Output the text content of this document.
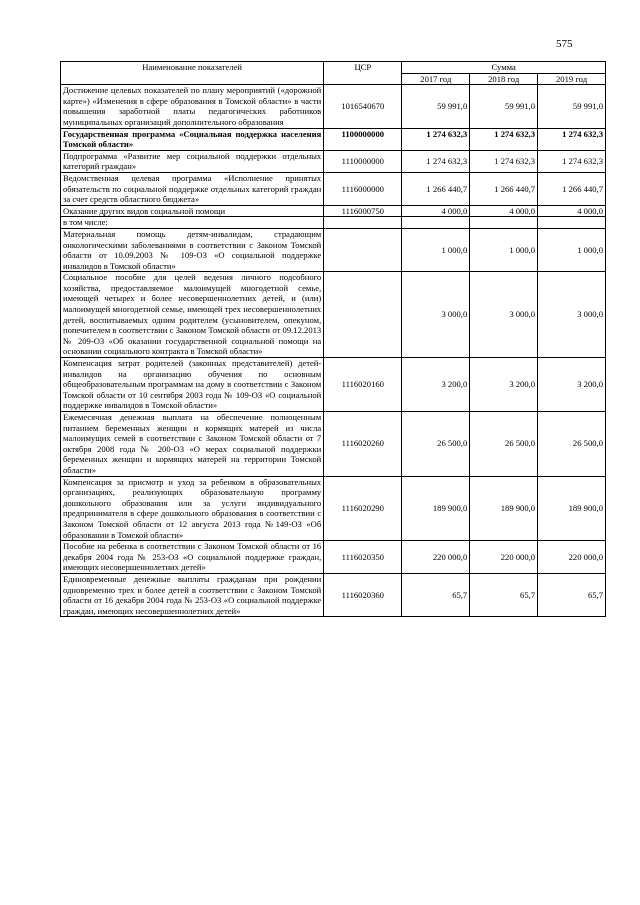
575
Наименование показателей	ЦСР	Сумма		
		2017 год	2018 год	2019 год
Достижение целевых показателей по плану мероприятий («дорожной карте») «Изменения в сфере образования в Томской области» в части повышения заработной платы педагогических работников муниципальных организаций дополнительного образования	1016540670	59 991,0	59 991,0	59 991,0
Государственная программа «Социальная поддержка населения Томской области»	1100000000	1 274 632,3	1 274 632,3	1 274 632,3
Подпрограмма «Развитие мер социальной поддержки отдельных категорий граждан»	1110000000	1 274 632,3	1 274 632,3	1 274 632,3
Ведомственная целевая программа «Исполнение принятых обязательств по социальной поддержке отдельных категорий граждан за счет средств областного бюджета»	1116000000	1 266 440,7	1 266 440,7	1 266 440,7
Оказание других видов социальной помощи	1116000750	4 000,0	4 000,0	4 000,0
в том числе:				
Материальная помощь детям-инвалидам, страдающим онкологическими заболеваниями в соответствии с Законом Томской области от 10.09.2003 № 109-ОЗ «О социальной поддержке инвалидов в Томской области»		1 000,0	1 000,0	1 000,0
Социальное пособие для целей ведения личного подсобного хозяйства, предоставляемое малоимущей многодетной семье, имеющей четырех и более несовершеннолетних детей, и (или) малоимущей многодетной семье, имеющей трех несовершеннолетних детей, воспитываемых одним родителем (усыновителем, опекуном, попечителем в соответствии с Законом Томской области от 09.12.2013 № 209-ОЗ «Об оказании государственной социальной помощи на основании социального контракта в Томской области»		3 000,0	3 000,0	3 000,0
Компенсация затрат родителей (законных представителей) детей-инвалидов на организацию обучения по основным общеобразовательным программам на дому в соответствии с Законом Томской области от 10 сентября 2003 года № 109-ОЗ «О социальной поддержке инвалидов в Томской области»	1116020160	3 200,0	3 200,0	3 200,0
Ежемесячная денежная выплата на обеспечение полноценным питанием беременных женщин и кормящих матерей из числа малоимущих семей в соответствии с Законом Томской области от 7 октября 2008 года № 200-ОЗ «О мерах социальной поддержки беременных женщин и кормящих матерей на территории Томской области»	1116020260	26 500,0	26 500,0	26 500,0
Компенсация за присмотр и уход за ребенком в образовательных организациях, реализующих образовательную программу дошкольного образования или за услуги индивидуального предпринимателя в сфере дошкольного образования в соответствии с Законом Томской области от 12 августа 2013 года №149-ОЗ «Об образовании в Томской области»	1116020290	189 900,0	189 900,0	189 900,0
Пособие на ребенка в соответствии с Законом Томской области от 16 декабря 2004 года № 253-ОЗ «О социальной поддержке граждан, имеющих несовершеннолетних детей»	1116020350	220 000,0	220 000,0	220 000,0
Единовременные денежные выплаты гражданам при рождении одновременно трех и более детей в соответствии с Законом Томской области от 16 декабря 2004 года № 253-ОЗ «О социальной поддержке граждан, имеющих несовершеннолетних детей»	1116020360	65,7	65,7	65,7
